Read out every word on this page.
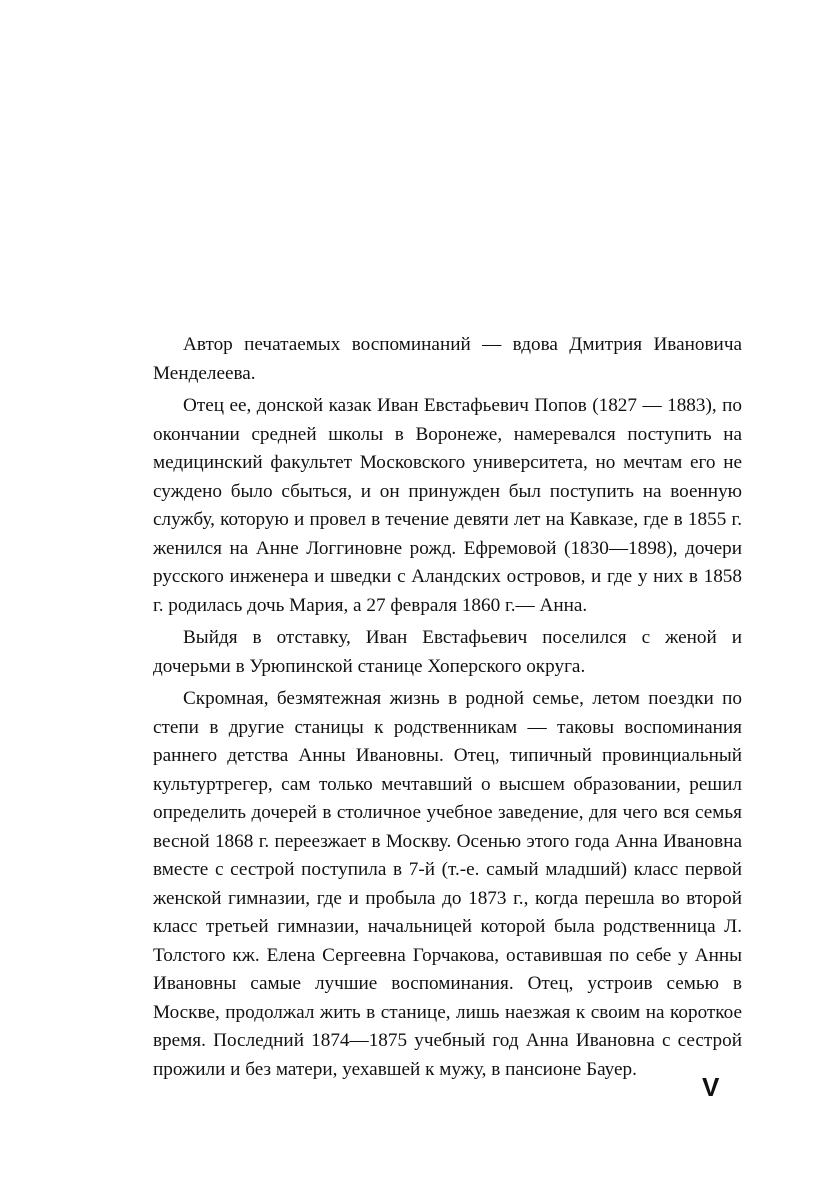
Автор печатаемых воспоминаний — вдова Дмитрия Ивановича Менделеева.

Отец ее, донской казак Иван Евстафьевич Попов (1827 — 1883), по окончании средней школы в Воронеже, намеревался поступить на медицинский факультет Московского университета, но мечтам его не суждено было сбыться, и он принужден был поступить на военную службу, которую и провел в течение девяти лет на Кавказе, где в 1855 г. женился на Анне Логгиновне рожд. Ефремовой (1830—1898), дочери русского инженера и шведки с Аландских островов, и где у них в 1858 г. родилась дочь Мария, а 27 февраля 1860 г.— Анна.

Выйдя в отставку, Иван Евстафьевич поселился с женой и дочерьми в Урюпинской станице Хоперского округа.

Скромная, безмятежная жизнь в родной семье, летом поездки по степи в другие станицы к родственникам — таковы воспоминания раннего детства Анны Ивановны. Отец, типичный провинциальный культуртрегер, сам только мечтавший о высшем образовании, решил определить дочерей в столичное учебное заведение, для чего вся семья весной 1868 г. переезжает в Москву. Осенью этого года Анна Ивановна вместе с сестрой поступила в 7-й (т.-е. самый младший) класс первой женской гимназии, где и пробыла до 1873 г., когда перешла во второй класс третьей гимназии, начальницей которой была родственница Л. Толстого кж. Елена Сергеевна Горчакова, оставившая по себе у Анны Ивановны самые лучшие воспоминания. Отец, устроив семью в Москве, продолжал жить в станице, лишь наезжая к своим на короткое время. Последний 1874—1875 учебный год Анна Ивановна с сестрой прожили и без матери, уехавшей к мужу, в пансионе Бауер.

V
